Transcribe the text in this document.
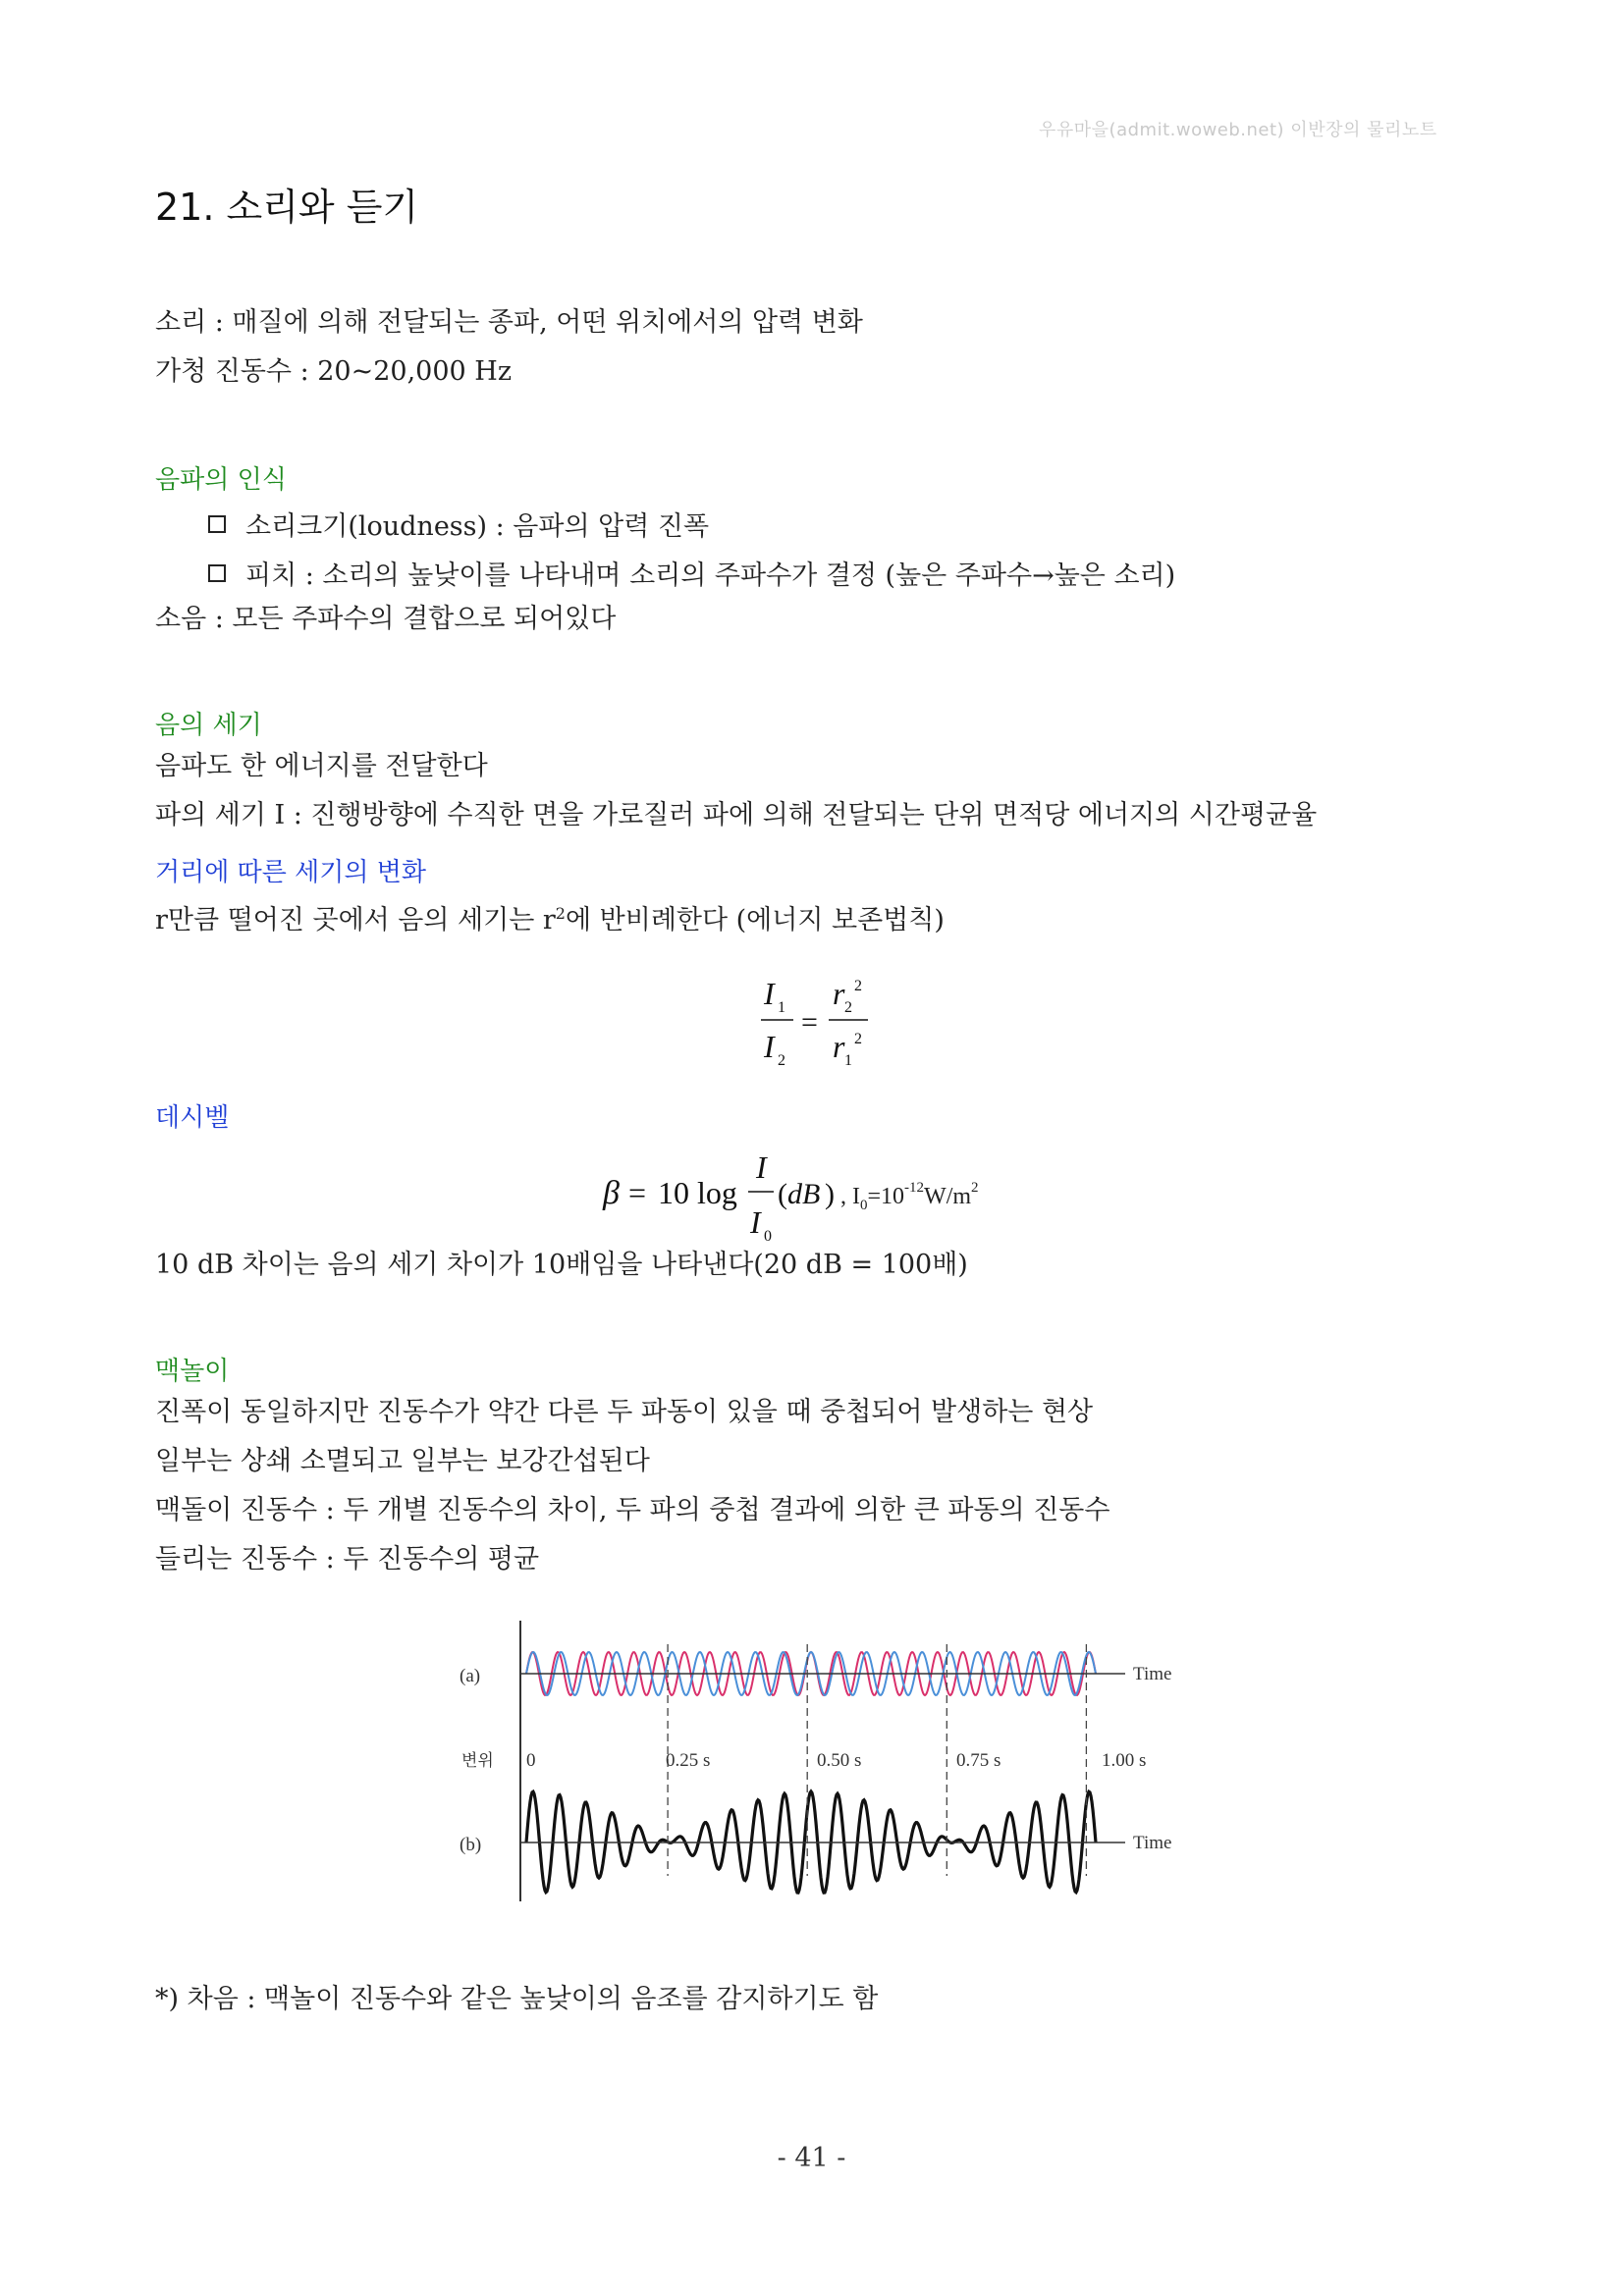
우유마을(admit.woweb.net) 이반장의 물리노트
21. 소리와 듣기
소리 : 매질에 의해 전달되는 종파, 어떤 위치에서의 압력 변화
가청 진동수 : 20~20,000 Hz
음파의 인식
소리크기(loudness) : 음파의 압력 진폭
피치 : 소리의 높낮이를 나타내며 소리의 주파수가 결정 (높은 주파수→높은 소리)
소음 : 모든 주파수의 결합으로 되어있다
음의 세기
음파도 한 에너지를 전달한다
파의 세기 I : 진행방향에 수직한 면을 가로질러 파에 의해 전달되는 단위 면적당 에너지의 시간평균율
거리에 따른 세기의 변화
r만큼 떨어진 곳에서 음의 세기는 $r^2$에 반비례한다 (에너지 보존법칙)
I 1
I 2
=
r 2
2
r 1
2
데시벨
β = 10 log
I
I 0
( dB ) , $I_0=10^{-12}W/m^2$
10 dB 차이는 음의 세기 차이가 10배임을 나타낸다(20 dB = 100배)
맥놀이
진폭이 동일하지만 진동수가 약간 다른 두 파동이 있을 때 중첩되어 발생하는 현상
일부는 상쇄 소멸되고 일부는 보강간섭된다
맥돌이 진동수 : 두 개별 진동수의 차이, 두 파의 중첩 결과에 의한 큰 파동의 진동수
들리는 진동수 : 두 진동수의 평균
(a)
(b)
Time
Time
변위 0	0.25 s	0.50 s	0.75 s	1.00 s
*) 차음 : 맥놀이 진동수와 같은 높낮이의 음조를 감지하기도 함
- 41 -
